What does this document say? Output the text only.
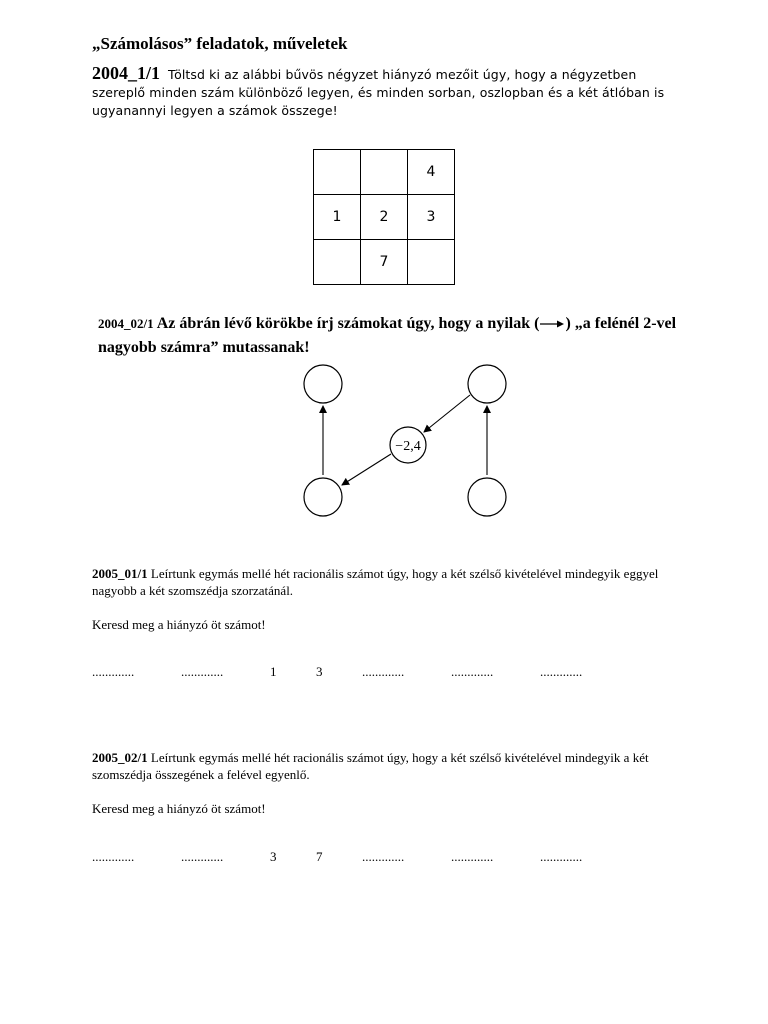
„Számolásos” feladatok, műveletek
2004_1/1 Töltsd ki az alábbi bűvös négyzet hiányzó mezőit úgy, hogy a négyzetben szereplő minden szám különböző legyen, és minden sorban, oszlopban és a két átlóban is ugyanannyi legyen a számok összege!
		4
1	2	3
	7	
2004_02/1 Az ábrán lévő körökbe írj számokat úgy, hogy a nyilak ( ) „a felénél 2-vel nagyobb számra” mutassanak!
−2,4
2005_01/1 Leírtunk egymás mellé hét racionális számot úgy, hogy a két szélső kivételével mindegyik eggyel nagyobb a két szomszédja szorzatánál.
Keresd meg a hiányzó öt számot!
.............	.............	1	3	.............	.............	.............
2005_02/1 Leírtunk egymás mellé hét racionális számot úgy, hogy a két szélső kivételével mindegyik a két szomszédja összegének a felével egyenlő.
Keresd meg a hiányzó öt számot!
.............	.............	3	7	.............	.............	.............
